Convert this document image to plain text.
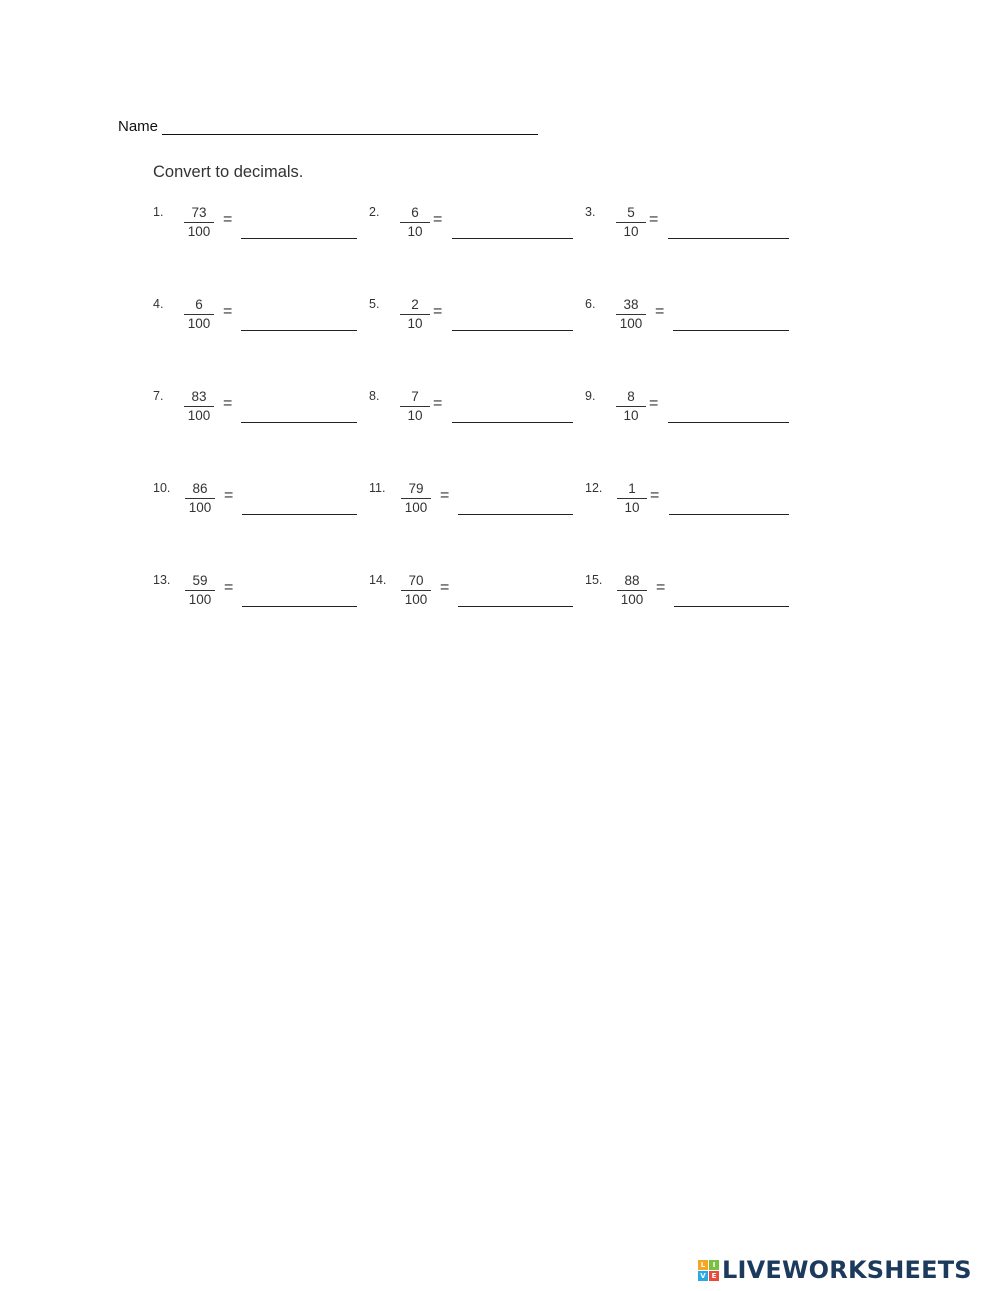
Name
Convert to decimals.
1.	73
100
=	2.	6
10
=	3.	5
10
=
4.	6
100
=	5.	2
10
=	6.	38
100
=
7.	83
100
=	8.	7
10
=	9.	8
10
=
10.	86
100
=	11.	79
100
=	12.	1
10
=
13.	59
100
=	14.	70
100
=	15.	88
100
=
L	I
V E LIVEWORKSHEETS
